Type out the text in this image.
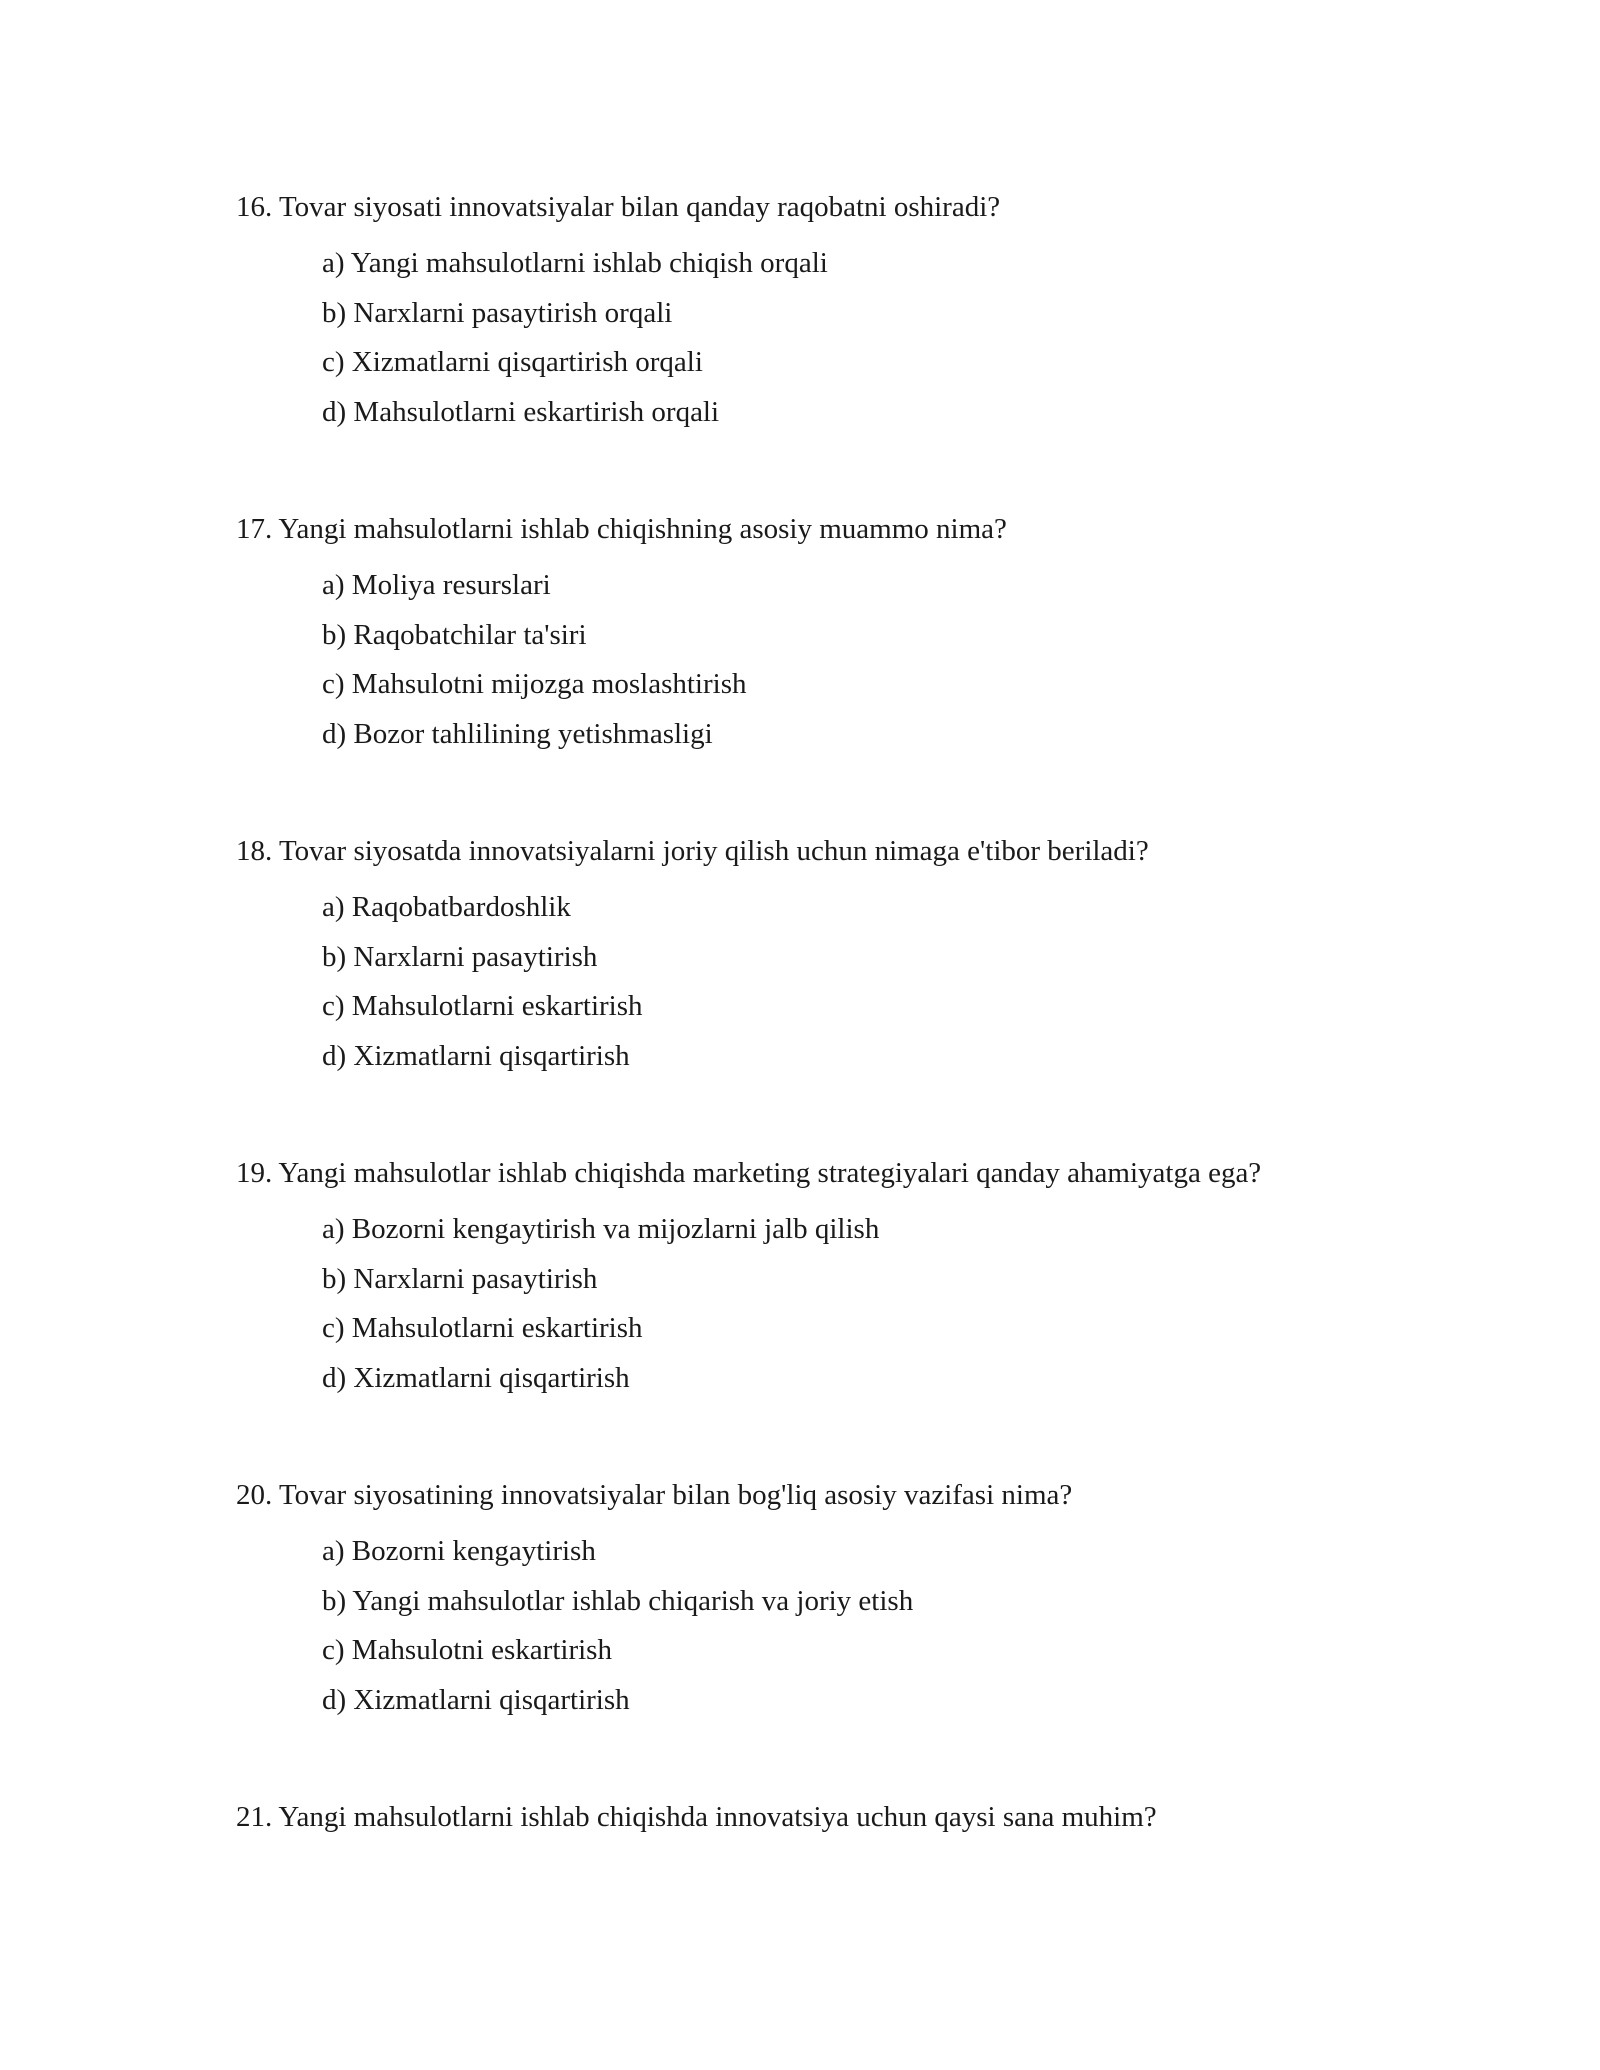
16. Tovar siyosati innovatsiyalar bilan qanday raqobatni oshiradi?

a) Yangi mahsulotlarni ishlab chiqish orqali
b) Narxlarni pasaytirish orqali
c) Xizmatlarni qisqartirish orqali
d) Mahsulotlarni eskartirish orqali

17. Yangi mahsulotlarni ishlab chiqishning asosiy muammo nima?

a) Moliya resurslari
b) Raqobatchilar ta'siri
c) Mahsulotni mijozga moslashtirish
d) Bozor tahlilining yetishmasligi

18. Tovar siyosatda innovatsiyalarni joriy qilish uchun nimaga e'tibor beriladi?

a) Raqobatbardoshlik
b) Narxlarni pasaytirish
c) Mahsulotlarni eskartirish
d) Xizmatlarni qisqartirish

19. Yangi mahsulotlar ishlab chiqishda marketing strategiyalari qanday ahamiyatga ega?

a) Bozorni kengaytirish va mijozlarni jalb qilish
b) Narxlarni pasaytirish
c) Mahsulotlarni eskartirish
d) Xizmatlarni qisqartirish

20. Tovar siyosatining innovatsiyalar bilan bog'liq asosiy vazifasi nima?

a) Bozorni kengaytirish
b) Yangi mahsulotlar ishlab chiqarish va joriy etish
c) Mahsulotni eskartirish
d) Xizmatlarni qisqartirish

21. Yangi mahsulotlarni ishlab chiqishda innovatsiya uchun qaysi sana muhim?
